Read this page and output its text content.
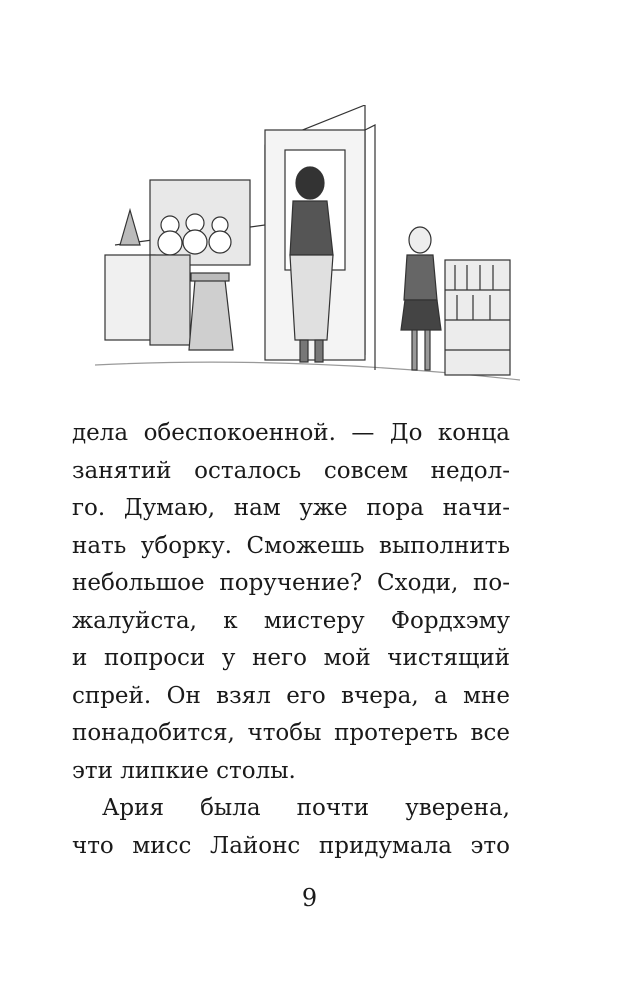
дела обеспокоенной. — До конца
занятий осталось совсем недол-
го. Думаю, нам уже пора начи-
нать уборку. Сможешь выполнить
небольшое поручение? Сходи, по-
жалуйста, к мистеру Фордхэму
и попроси у него мой чистящий
спрей. Он взял его вчера, а мне
понадобится, чтобы протереть все
эти липкие столы.
Ария была почти уверена,
что мисс Лайонс придумала это
9
